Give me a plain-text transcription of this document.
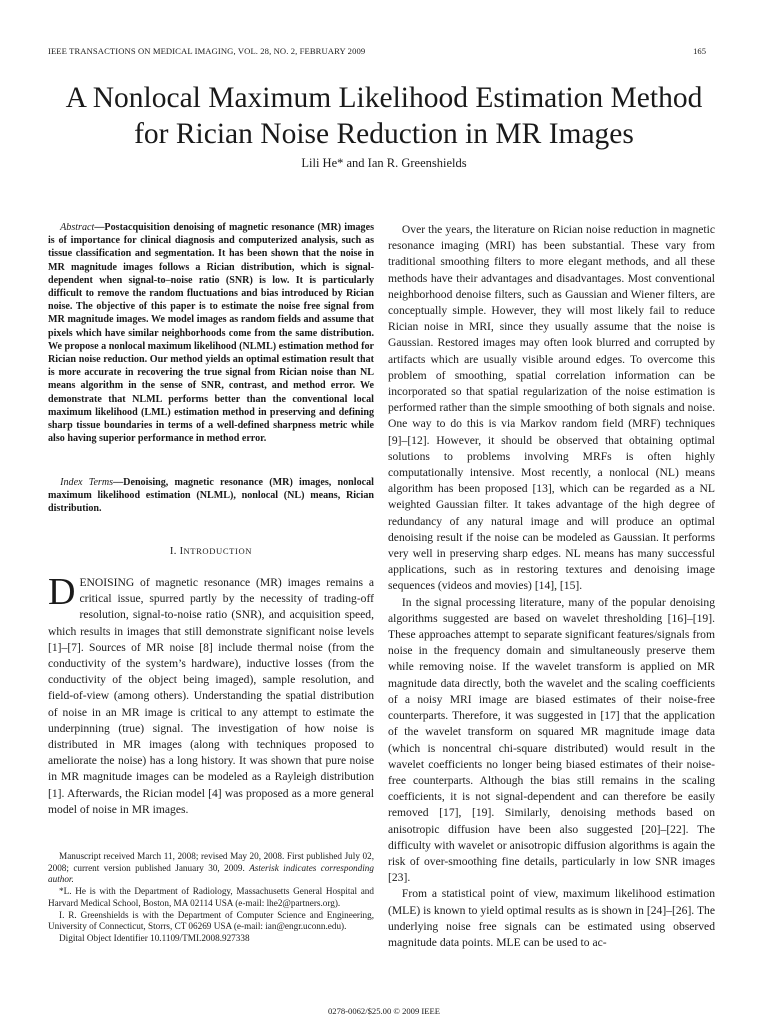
IEEE TRANSACTIONS ON MEDICAL IMAGING, VOL. 28, NO. 2, FEBRUARY 2009	165
A Nonlocal Maximum Likelihood Estimation Method
for Rician Noise Reduction in MR Images
Lili He* and Ian R. Greenshields

Abstract—Postacquisition denoising of magnetic resonance (MR) images is of importance for clinical diagnosis and computerized analysis, such as tissue classification and segmentation. It has been shown that the noise in MR magnitude images follows a Rician distribution, which is signal-dependent when signal-to–noise ratio (SNR) is low. It is particularly difficult to remove the random fluctuations and bias introduced by Rician noise. The objective of this paper is to estimate the noise free signal from MR magnitude images. We model images as random fields and assume that pixels which have similar neighborhoods come from the same distribution. We propose a nonlocal maximum likelihood (NLML) estimation method for Rician noise reduction. Our method yields an optimal estimation result that is more accurate in recovering the true signal from Rician noise than NL means algorithm in the sense of SNR, contrast, and method error. We demonstrate that NLML performs better than the conventional local maximum likelihood (LML) estimation method in preserving and defining sharp tissue boundaries in terms of a well-defined sharpness metric while also having superior performance in method error.

Index Terms—Denoising, magnetic resonance (MR) images, nonlocal maximum likelihood estimation (NLML), nonlocal (NL) means, Rician distribution.

I. INTRODUCTION

DENOISING of magnetic resonance (MR) images remains a critical issue, spurred partly by the necessity of trading-off resolution, signal-to-noise ratio (SNR), and acquisition speed, which results in images that still demonstrate significant noise levels [1]–[7]. Sources of MR noise [8] include thermal noise (from the conductivity of the system’s hardware), inductive losses (from the conductivity of the object being imaged), sample resolution, and field-of-view (among others). Understanding the spatial distribution of noise in an MR image is critical to any attempt to estimate the underpinning (true) signal. The investigation of how noise is distributed in MR images (along with techniques proposed to ameliorate the noise) has a long history. It was shown that pure noise in MR magnitude images can be modeled as a Rayleigh distribution [1]. Afterwards, the Rician model [4] was proposed as a more general model of noise in MR images.

Manuscript received March 11, 2008; revised May 20, 2008. First published July 02, 2008; current version published January 30, 2009. Asterisk indicates corresponding author.

*L. He is with the Department of Radiology, Massachusetts General Hospital and Harvard Medical School, Boston, MA 02114 USA (e-mail: lhe2@partners.org).

I. R. Greenshields is with the Department of Computer Science and Engineering, University of Connecticut, Storrs, CT 06269 USA (e-mail: ian@engr.uconn.edu).

Digital Object Identifier 10.1109/TMI.2008.927338

Over the years, the literature on Rician noise reduction in magnetic resonance imaging (MRI) has been substantial. These vary from traditional smoothing filters to more elegant methods, and all these methods have their advantages and disadvantages. Most conventional neighborhood denoise filters, such as Gaussian and Wiener filters, are conceptually simple. However, they will most likely fail to reduce Rician noise in MRI, since they usually assume that the noise is Gaussian. Restored images may often look blurred and corrupted by artifacts which are usually visible around edges. To overcome this problem of smoothing, spatial correlation information can be incorporated so that spatial regularization of the noise estimation is performed rather than the simple smoothing of both signals and noise. One way to do this is via Markov random field (MRF) techniques [9]–[12]. However, it should be observed that obtaining optimal solutions to problems involving MRFs is often highly computationally intensive. Most recently, a nonlocal (NL) means algorithm has been proposed [13], which can be regarded as a NL weighted Gaussian filter. It takes advantage of the high degree of redundancy of any natural image and will produce an optimal denoising result if the noise can be modeled as Gaussian. It performs very well in preserving sharp edges. NL means has many successful applications, such as in restoring textures and denoising image sequences (videos and movies) [14], [15].

In the signal processing literature, many of the popular denoising algorithms suggested are based on wavelet thresholding [16]–[19]. These approaches attempt to separate significant features/signals from noise in the frequency domain and simultaneously preserve them while removing noise. If the wavelet transform is applied on MR magnitude data directly, both the wavelet and the scaling coefficients of a noisy MRI image are biased estimates of their noise-free counterparts. Therefore, it was suggested in [17] that the application of the wavelet transform on squared MR magnitude image data (which is noncentral chi-square distributed) would result in the wavelet coefficients no longer being biased estimates of their noise-free counterparts. Although the bias still remains in the scaling coefficients, it is not signal-dependent and can therefore be easily removed [17], [19]. Similarly, denoising methods based on anisotropic diffusion have been also suggested [20]–[22]. The difficulty with wavelet or anisotropic diffusion algorithms is again the risk of over-smoothing fine details, particularly in low SNR images [23].

From a statistical point of view, maximum likelihood estimation (MLE) is known to yield optimal results as is shown in [24]–[26]. The underlying noise free signals can be estimated using observed magnitude data points. MLE can be used to ac-

0278-0062/$25.00 © 2009 IEEE
